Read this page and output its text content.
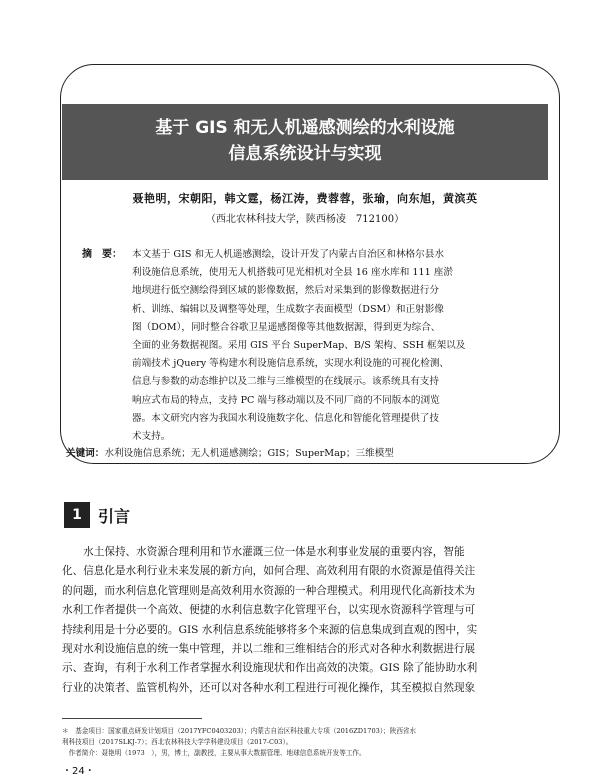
基于 GIS 和无人机遥感测绘的水利设施
信息系统设计与实现
聂艳明，宋朝阳，韩文霆，杨江涛，费蓉蓉，张瑜，向东旭，黄滨英
（西北农林科技大学，陕西杨凌　712100）
摘　要：	本文基于 GIS 和无人机遥感测绘，设计开发了内蒙古自治区和林格尔县水
利设施信息系统，使用无人机搭载可见光相机对全县 16 座水库和 111 座淤
地坝进行低空测绘得到区域的影像数据，然后对采集到的影像数据进行分
析、训练、编辑以及调整等处理，生成数字表面模型（DSM）和正射影像
图（DOM），同时整合谷歌卫星遥感图像等其他数据源，得到更为综合、
全面的业务数据视图。采用 GIS 平台 SuperMap、B/S 架构、SSH 框架以及
前端技术 jQuery 等构建水利设施信息系统，实现水利设施的可视化检测、
信息与参数的动态维护以及二维与三维模型的在线展示。该系统具有支持
响应式布局的特点，支持 PC 端与移动端以及不同厂商的不同版本的浏览
器。本文研究内容为我国水利设施数字化、信息化和智能化管理提供了技
术支持。
关键词：水利设施信息系统；无人机遥感测绘；GIS；SuperMap；三维模型
1	引言
　　水土保持、水资源合理利用和节水灌溉三位一体是水利事业发展的重要内容，智能
化、信息化是水利行业未来发展的新方向，如何合理、高效利用有限的水资源是值得关注
的问题，而水利信息化管理则是高效利用水资源的一种合理模式。利用现代化高新技术为
水利工作者提供一个高效、便捷的水利信息数字化管理平台，以实现水资源科学管理与可
持续利用是十分必要的。GIS 水利信息系统能够将多个来源的信息集成到直观的图中，实
现对水利设施信息的统一集中管理，并以二维和三维相结合的形式对各种水利数据进行展
示、查询，有利于水利工作者掌握水利设施现状和作出高效的决策。GIS 除了能协助水利
行业的决策者、监管机构外，还可以对各种水利工程进行可视化操作，其至模拟自然现象
＊　基金项目：国家重点研发计划项目（2017YFC0403203）；内蒙古自治区科技重大专项（2016ZD1703）；陕西省水
利科技项目（2017SLKJ-7）；西北农林科技大学学科建设项目（2017-C03）。
　作者简介：聂艳明（1973　），男，博士，副教授，主要从事大数据管理、地球信息系统开发等工作。
・24・
